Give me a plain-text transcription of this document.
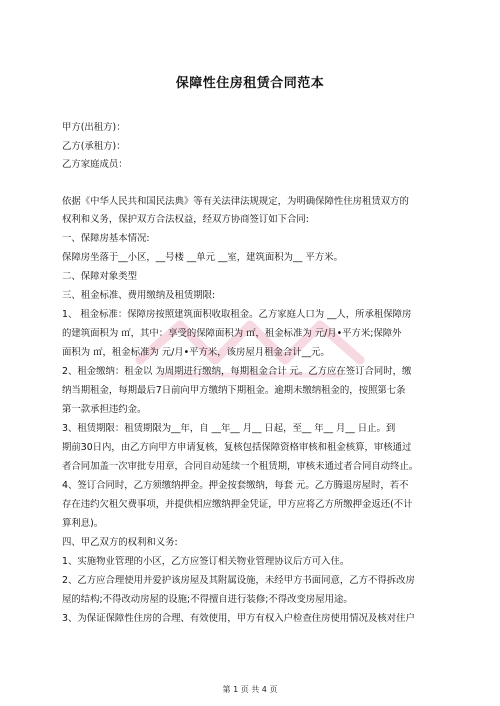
保障性住房租赁合同范本
甲方(出租方)：
乙方(承租方)：
乙方家庭成员：
依据《中华人民共和国民法典》等有关法律法规规定，为明确保障性住房租赁双方的
权利和义务，保护双方合法权益，经双方协商签订如下合同:
一、保障房基本情况:
保障房坐落于__小区，__号楼 __单元 __室，建筑面积为__ 平方米。
二、保障对象类型
三、租金标准、费用缴纳及租赁期限:
1、 租金标准：保障房按照建筑面积收取租金。乙方家庭人口为 __人，所承租保障房
的建筑面积为 ㎡，其中：享受的保障面积为 ㎡，租金标准为 元/月•平方米;保障外
面积为 ㎡，租金标准为 元/月•平方米，该房屋月租金合计__元。
2、租金缴纳：租金以 为周期进行缴纳，每期租金合计 元。乙方应在签订合同时，缴
纳当期租金，每期最后7日前向甲方缴纳下期租金。逾期未缴纳租金的，按照第七条
第一款承担违约金。
3、租赁期限：租赁期限为__年，自 __年__ 月__ 日起，至__ 年__ 月__ 日止。到
期前30日内，由乙方向甲方申请复核，复核包括保障资格审核和租金核算，审核通过
者合同加盖一次审批专用章，合同自动延续一个租赁期，审核未通过者合同自动终止。
4、签订合同时，乙方须缴纳押金。押金按套缴纳，每套 元。乙方腾退房屋时，若不
存在违约欠租欠费事项，并提供相应缴纳押金凭证，甲方应将乙方所缴押金返还(不计
算利息)。
四、甲乙双方的权利和义务:
1、实施物业管理的小区，乙方应签订相关物业管理协议后方可入住。
2、乙方应合理使用并爱护该房屋及其附属设施，未经甲方书面同意，乙方不得拆改房
屋的结构;不得改动房屋的设施;不得擅自进行装修;不得改变房屋用途。
3、为保证保障性住房的合理、有效使用，甲方有权入户检查住房使用情况及核对住户
第 1 页 共 4 页
